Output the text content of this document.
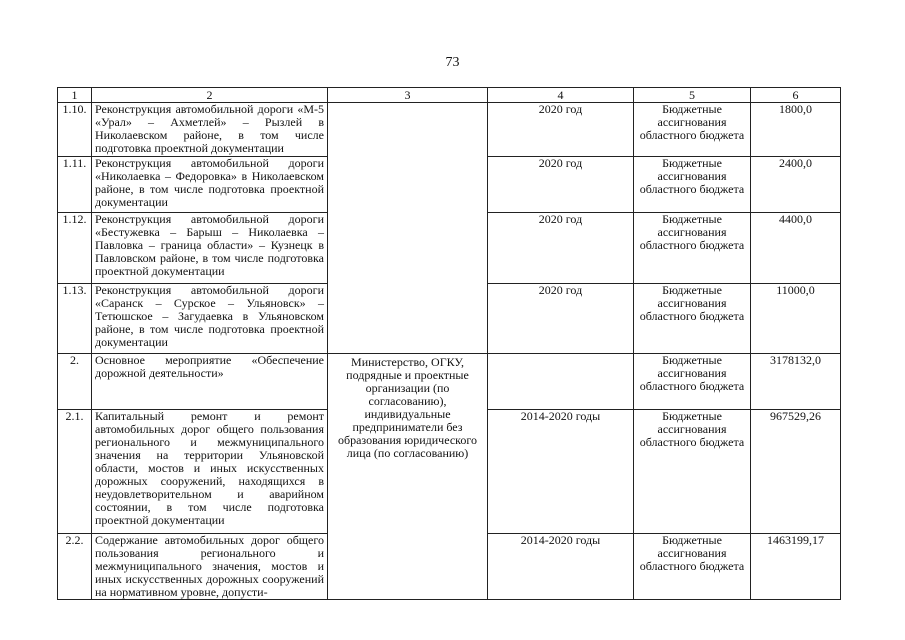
73
1	2	3	4	5	6
1.10.	Реконструкция автомобильной дороги «М-5 «Урал» – Ахметлей» – Рызлей в Николаевском районе, в том числе подготовка проектной документации		2020 год	Бюджетные ассигнования областного бюджета	1800,0
1.11.	Реконструкция автомобильной дороги «Николаевка – Федоровка» в Николаевском районе, в том числе подготовка проектной документации		2020 год	Бюджетные ассигнования областного бюджета	2400,0
1.12.	Реконструкция автомобильной дороги «Бестужевка – Барыш – Николаевка – Павловка – граница области» – Кузнецк в Павловском районе, в том числе подготовка проектной документации		2020 год	Бюджетные ассигнования областного бюджета	4400,0
1.13.	Реконструкция автомобильной дороги «Саранск – Сурское – Ульяновск» – Тетюшское – Загудаевка в Ульяновском районе, в том числе подготовка проектной документации		2020 год	Бюджетные ассигнования областного бюджета	11000,0
2.	Основное мероприятие «Обеспечение дорожной деятельности»	Министерство, ОГКУ, подрядные и проектные организации (по согласованию), индивидуальные предприниматели без образования юридического лица (по согласованию)		Бюджетные ассигнования областного бюджета	3178132,0
2.1.	Капитальный ремонт и ремонт автомобильных дорог общего пользования регионального и межмуниципального значения на территории Ульяновской области, мостов и иных искусственных дорожных сооружений, находящихся в неудовлетворительном и аварийном состоянии, в том числе подготовка проектной документации		2014-2020 годы	Бюджетные ассигнования областного бюджета	967529,26
2.2.	Содержание автомобильных дорог общего пользования регионального и межмуниципального значения, мостов и иных искусственных дорожных сооружений на нормативном уровне, допусти-		2014-2020 годы	Бюджетные ассигнования областного бюджета	1463199,17
